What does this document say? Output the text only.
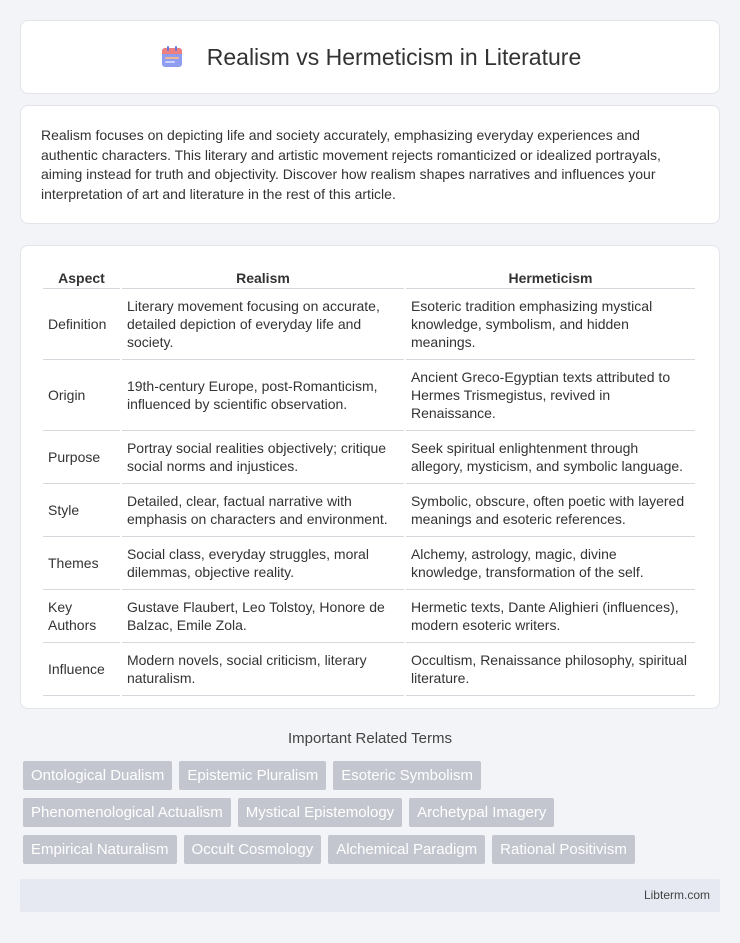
Realism vs Hermeticism in Literature

Realism focuses on depicting life and society accurately, emphasizing everyday experiences and authentic characters. This literary and artistic movement rejects romanticized or idealized portrayals, aiming instead for truth and objectivity. Discover how realism shapes narratives and influences your interpretation of art and literature in the rest of this article.

Aspect	Realism	Hermeticism
Definition	Literary movement focusing on accurate, detailed depiction of everyday life and society.	Esoteric tradition emphasizing mystical knowledge, symbolism, and hidden meanings.
Origin	19th-century Europe, post-Romanticism, influenced by scientific observation.	Ancient Greco-Egyptian texts attributed to Hermes Trismegistus, revived in Renaissance.
Purpose	Portray social realities objectively; critique social norms and injustices.	Seek spiritual enlightenment through allegory, mysticism, and symbolic language.
Style	Detailed, clear, factual narrative with emphasis on characters and environment.	Symbolic, obscure, often poetic with layered meanings and esoteric references.
Themes	Social class, everyday struggles, moral dilemmas, objective reality.	Alchemy, astrology, magic, divine knowledge, transformation of the self.
Key Authors	Gustave Flaubert, Leo Tolstoy, Honore de Balzac, Emile Zola.	Hermetic texts, Dante Alighieri (influences), modern esoteric writers.
Influence	Modern novels, social criticism, literary naturalism.	Occultism, Renaissance philosophy, spiritual literature.
Important Related Terms
Ontological Dualism	Epistemic Pluralism	Esoteric Symbolism
Phenomenological Actualism	Mystical Epistemology	Archetypal Imagery
Empirical Naturalism	Occult Cosmology	Alchemical Paradigm	Rational Positivism
Libterm.com
